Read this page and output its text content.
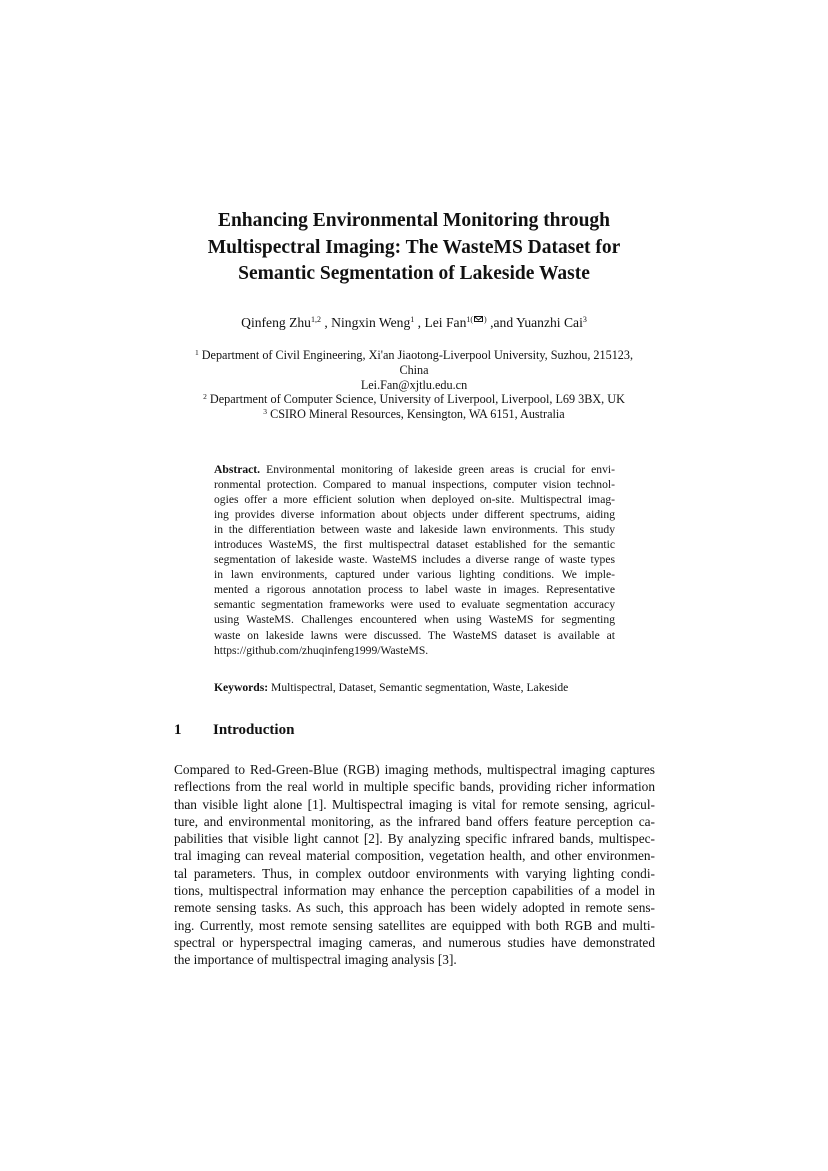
Enhancing Environmental Monitoring through
Multispectral Imaging: The WasteMS Dataset for
Semantic Segmentation of Lakeside Waste
Qinfeng Zhu$^{1,2}$ , Ningxin Weng$^1$ , Lei Fan$^{1( )}$ ,and Yuanzhi Cai$^3$
$^1$ Department of Civil Engineering, Xi'an Jiaotong-Liverpool University, Suzhou, 215123,
China
Lei.Fan@xjtlu.edu.cn
$^2$ Department of Computer Science, University of Liverpool, Liverpool, L69 3BX, UK
$^3$ CSIRO Mineral Resources, Kensington, WA 6151, Australia
Abstract. Environmental monitoring of lakeside green areas is crucial for envi-
ronmental protection. Compared to manual inspections, computer vision technol-
ogies offer a more efficient solution when deployed on-site. Multispectral imag-
ing provides diverse information about objects under different spectrums, aiding
in the differentiation between waste and lakeside lawn environments. This study
introduces WasteMS, the first multispectral dataset established for the semantic
segmentation of lakeside waste. WasteMS includes a diverse range of waste types
in lawn environments, captured under various lighting conditions. We imple-
mented a rigorous annotation process to label waste in images. Representative
semantic segmentation frameworks were used to evaluate segmentation accuracy
using WasteMS. Challenges encountered when using WasteMS for segmenting
waste on lakeside lawns were discussed. The WasteMS dataset is available at
https://github.com/zhuqinfeng1999/WasteMS.
Keywords: Multispectral, Dataset, Semantic segmentation, Waste, Lakeside
1 Introduction
Compared to Red-Green-Blue (RGB) imaging methods, multispectral imaging captures
reflections from the real world in multiple specific bands, providing richer information
than visible light alone [1]. Multispectral imaging is vital for remote sensing, agricul-
ture, and environmental monitoring, as the infrared band offers feature perception ca-
pabilities that visible light cannot [2]. By analyzing specific infrared bands, multispec-
tral imaging can reveal material composition, vegetation health, and other environmen-
tal parameters. Thus, in complex outdoor environments with varying lighting condi-
tions, multispectral information may enhance the perception capabilities of a model in
remote sensing tasks. As such, this approach has been widely adopted in remote sens-
ing. Currently, most remote sensing satellites are equipped with both RGB and multi-
spectral or hyperspectral imaging cameras, and numerous studies have demonstrated
the importance of multispectral imaging analysis [3].
